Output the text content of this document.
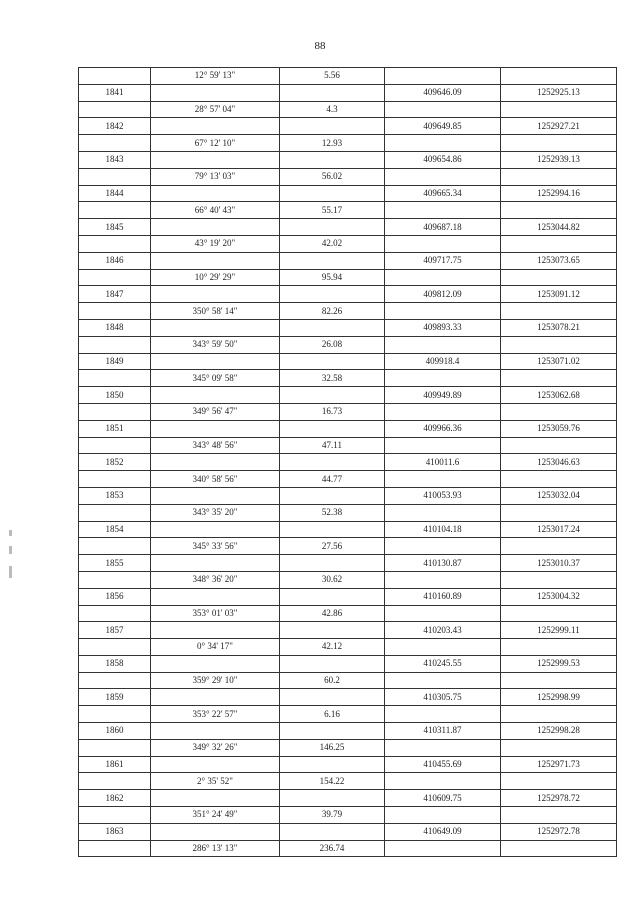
88
	12° 59' 13"	5.56		
1841			409646.09	1252925.13
	28° 57' 04"	4.3		
1842			409649.85	1252927.21
	67° 12' 10"	12.93		
1843			409654.86	1252939.13
	79° 13' 03"	56.02		
1844			409665.34	1252994.16
	66° 40' 43"	55.17		
1845			409687.18	1253044.82
	43° 19' 20"	42.02		
1846			409717.75	1253073.65
	10° 29' 29"	95.94		
1847			409812.09	1253091.12
	350° 58' 14"	82.26		
1848			409893.33	1253078.21
	343° 59' 50"	26.08		
1849			409918.4	1253071.02
	345° 09' 58"	32.58		
1850			409949.89	1253062.68
	349° 56' 47"	16.73		
1851			409966.36	1253059.76
	343° 48' 56"	47.11		
1852			410011.6	1253046.63
	340° 58' 56"	44.77		
1853			410053.93	1253032.04
	343° 35' 20"	52.38		
1854			410104.18	1253017.24
	345° 33' 56"	27.56		
1855			410130.87	1253010.37
	348° 36' 20"	30.62		
1856			410160.89	1253004.32
	353° 01' 03"	42.86		
1857			410203.43	1252999.11
	0° 34' 17"	42.12		
1858			410245.55	1252999.53
	359° 29' 10"	60.2		
1859			410305.75	1252998.99
	353° 22' 57"	6.16		
1860			410311.87	1252998.28
	349° 32' 26"	146.25		
1861			410455.69	1252971.73
	2° 35' 52"	154.22		
1862			410609.75	1252978.72
	351° 24' 49"	39.79		
1863			410649.09	1252972.78
	286° 13' 13"	236.74		
